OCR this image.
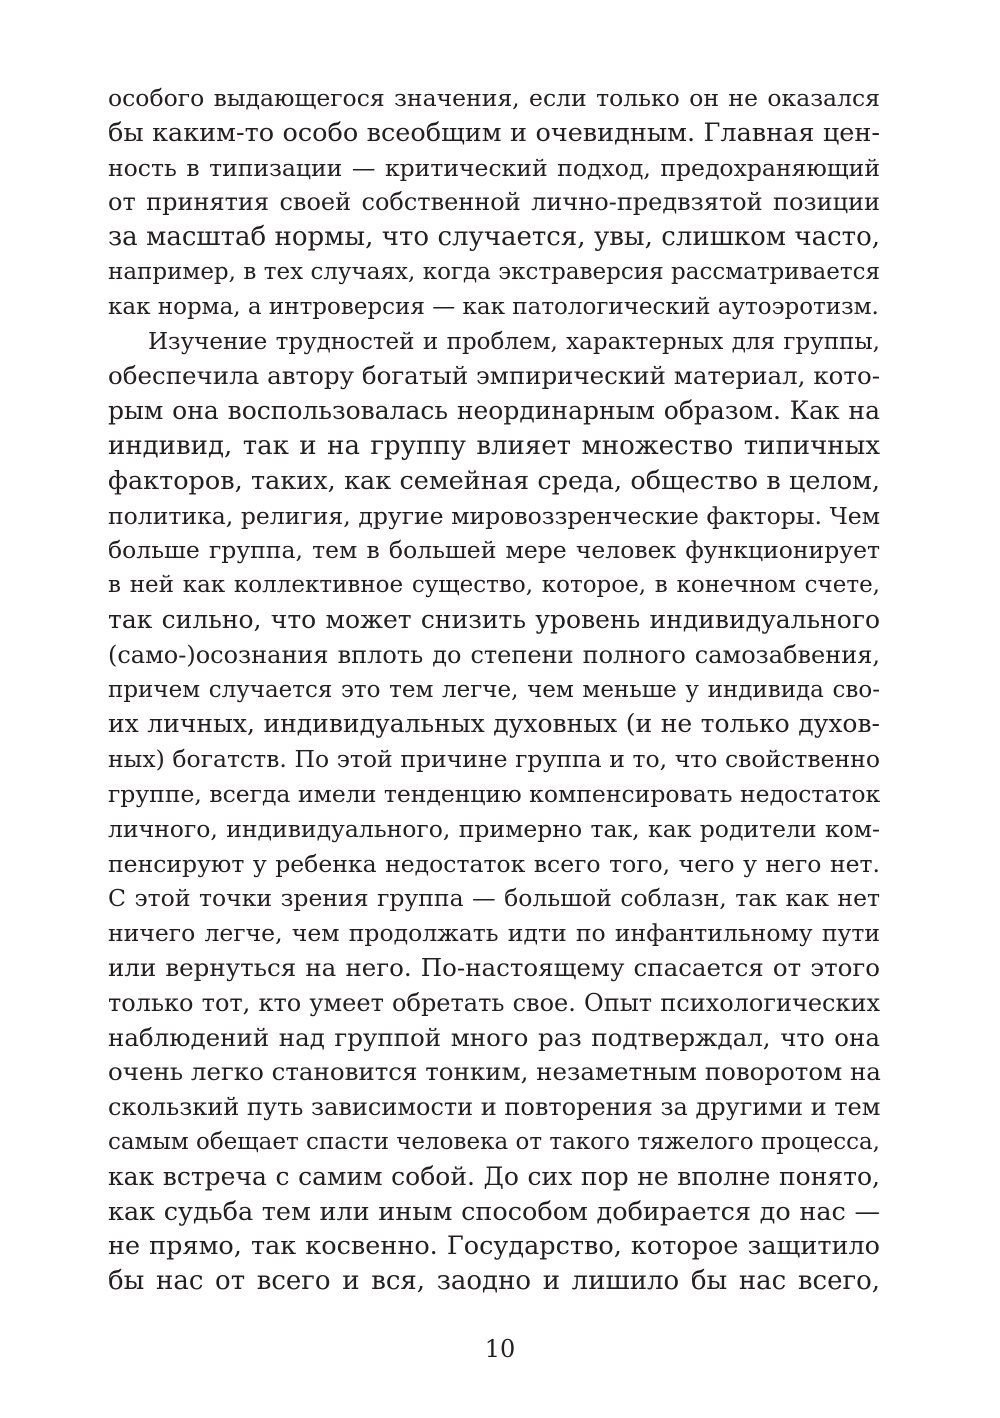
особого выдающегося значения, если только он не оказался
бы каким-то особо всеобщим и очевидным. Главная цен-
ность в типизации — критический подход, предохраняющий
от принятия своей собственной лично-предвзятой позиции
за масштаб нормы, что случается, увы, слишком часто,
например, в тех случаях, когда экстраверсия рассматривается
как норма, а интроверсия — как патологический аутоэротизм.
Изучение трудностей и проблем, характерных для группы,
обеспечила автору богатый эмпирический материал, кото-
рым она воспользовалась неординарным образом. Как на
индивид, так и на группу влияет множество типичных
факторов, таких, как семейная среда, общество в целом,
политика, религия, другие мировоззренческие факторы. Чем
больше группа, тем в большей мере человек функционирует
в ней как коллективное существо, которое, в конечном счете,
так сильно, что может снизить уровень индивидуального
(само-)осознания вплоть до степени полного самозабвения,
причем случается это тем легче, чем меньше у индивида сво-
их личных, индивидуальных духовных (и не только духов-
ных) богатств. По этой причине группа и то, что свойственно
группе, всегда имели тенденцию компенсировать недостаток
личного, индивидуального, примерно так, как родители ком-
пенсируют у ребенка недостаток всего того, чего у него нет.
С этой точки зрения группа — большой соблазн, так как нет
ничего легче, чем продолжать идти по инфантильному пути
или вернуться на него. По-настоящему спасается от этого
только тот, кто умеет обретать свое. Опыт психологических
наблюдений над группой много раз подтверждал, что она
очень легко становится тонким, незаметным поворотом на
скользкий путь зависимости и повторения за другими и тем
самым обещает спасти человека от такого тяжелого процесса,
как встреча с самим собой. До сих пор не вполне понято,
как судьба тем или иным способом добирается до нас —
не прямо, так косвенно. Государство, которое защитило
бы нас от всего и вся, заодно и лишило бы нас всего,
10
